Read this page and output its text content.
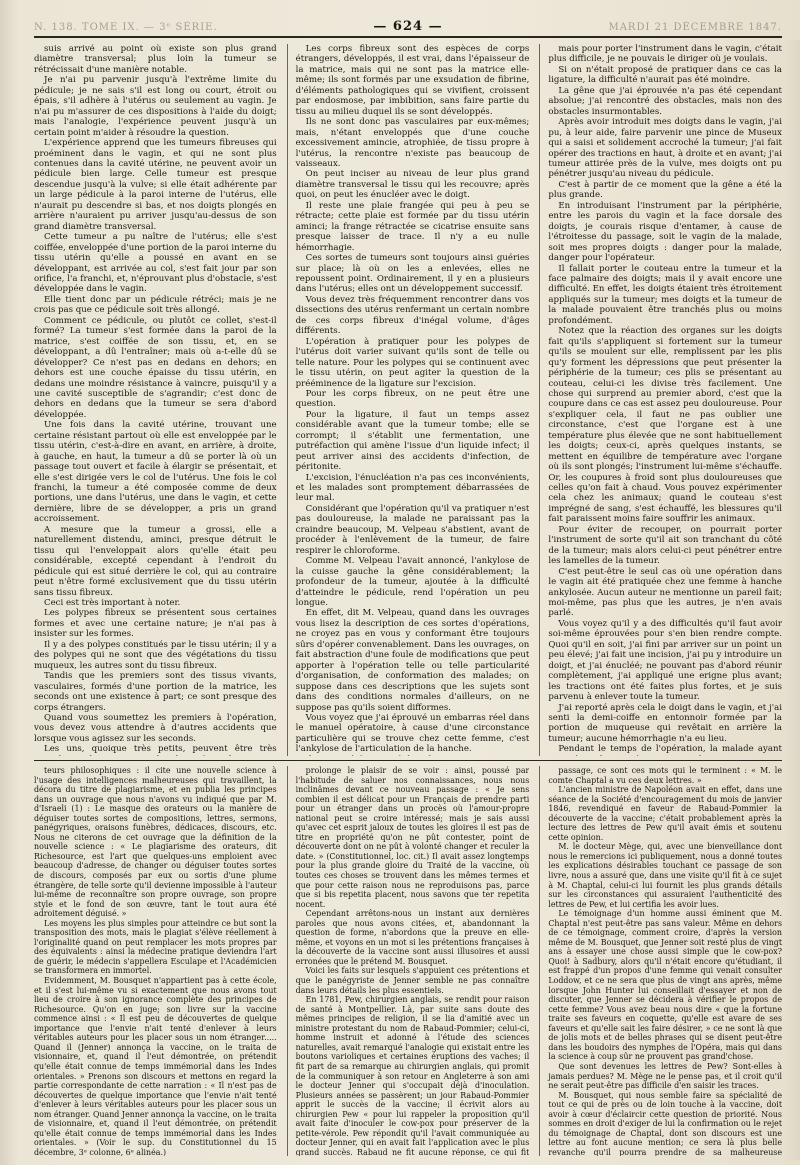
N. 138. TOME IX. — 3ᵉ SÉRIE.	— 624 —	MARDI 21 DÉCEMBRE 1847.

suis arrivé au point où existe son plus grand diamètre transversal; plus loin la tumeur se rétrécissait d'une manière notable.

Je n'ai pu parvenir jusqu'à l'extrême limite du pédicule; je ne sais s'il est long ou court, étroit ou épais, s'il adhère à l'utérus ou seulement au vagin. Je n'ai pu m'assurer de ces dispositions à l'aide du doigt; mais l'analogie, l'expérience peuvent jusqu'à un certain point m'aider à résoudre la question.

L'expérience apprend que les tumeurs fibreuses qui proéminent dans le vagin, et qui ne sont plus contenues dans la cavité utérine, ne peuvent avoir un pédicule bien large. Celle tumeur est presque descendue jusqu'à la vulve; si elle était adhérente par un large pédicule à la paroi interne de l'utérus, elle n'aurait pu descendre si bas, et nos doigts plongés en arrière n'auraient pu arriver jusqu'au-dessus de son grand diamètre transversal.

Cette tumeur a pu naître de l'utérus; elle s'est coiffée, enveloppée d'une portion de la paroi interne du tissu utérin qu'elle a poussé en avant en se développant, est arrivée au col, s'est fait jour par son orifice, l'a franchi, et, n'éprouvant plus d'obstacle, s'est développée dans le vagin.

Elle tient donc par un pédicule rétréci; mais je ne crois pas que ce pédicule soit très allongé.

Comment ce pédicule, ou plutôt ce collet, s'est-il formé? La tumeur s'est formée dans la paroi de la matrice, s'est coiffée de son tissu, et, en se développant, a dû l'entraîner; mais où a-t-elle dû se développer? Ce n'est pas en dedans en dehors; en dehors est une couche épaisse du tissu utérin, en dedans une moindre résistance à vaincre, puisqu'il y a une cavité susceptible de s'agrandir; c'est donc de dehors en dedans que la tumeur se sera d'abord développée.

Une fois dans la cavité utérine, trouvant une certaine résistant partout où elle est enveloppée par le tissu utérin, c'est-à-dire en avant, en arrière, à droite, à gauche, en haut, la tumeur a dû se porter là où un passage tout ouvert et facile à élargir se présentait, et elle s'est dirigée vers le col de l'utérus. Une fois le col franchi, la tumeur a été composée comme de deux portions, une dans l'utérus, une dans le vagin, et cette dernière, libre de se développer, a pris un grand accroissement.

A mesure que la tumeur a grossi, elle a naturellement distendu, aminci, presque détruit le tissu qui l'enveloppait alors qu'elle était peu considérable, excepté cependant à l'endroit du pédicule qui est situé derrière le col, qui au contraire peut n'être formé exclusivement que du tissu utérin sans tissu fibreux.

Ceci est très important à noter.

Les polypes fibreux se présentent sous certaines formes et avec une certaine nature; je n'ai pas à insister sur les formes.

Il y a des polypes constitués par le tissu utérin; il y a des polypes qui ne sont que des végétations du tissu muqueux, les autres sont du tissu fibreux.

Tandis que les premiers sont des tissus vivants, vasculaires, formés d'une portion de la matrice, les seconds ont une existence à part; ce sont presque des corps étrangers.

Quand vous soumettez les premiers à l'opération, vous devez vous attendre à d'autres accidents que lorsque vous agissez sur les seconds.

Les uns, quoique très petits, peuvent être très

Les corps fibreux sont des espèces de corps étrangers, développés, il est vrai, dans l'épaisseur de la matrice, mais qui ne sont pas la matrice elle-même; ils sont formés par une exsudation de fibrine, d'éléments pathologiques qui se vivifient, croissent par endosmose, par imbibition, sans faire partie du tissu au milieu duquel ils se sont développés.

Ils ne sont donc pas vasculaires par eux-mêmes; mais, n'étant enveloppés que d'une couche excessivement amincie, atrophiée, de tissu propre à l'utérus, la rencontre n'existe pas beaucoup de vaisseaux.

On peut inciser au niveau de leur plus grand diamètre transversal le tissu qui les recouvre; après quoi, on peut les énucléer avec le doigt.

Il reste une plaie frangée qui peu à peu se rétracte; cette plaie est formée par du tissu utérin aminci; la frange rétractée se cicatrise ensuite sans presque laisser de trace. Il n'y a eu nulle hémorrhagie.

Ces sortes de tumeurs sont toujours ainsi guéries sur place; là où on les a enlevées, elles ne repoussent point. Ordinairement, il y en a plusieurs dans l'utérus; elles ont un développement successif.

Vous devez très fréquemment rencontrer dans vos dissections des utérus renfermant un certain nombre de ces corps fibreux d'inégal volume, d'âges différents.

L'opération à pratiquer pour les polypes de l'utérus doit varier suivant qu'ils sont de telle ou telle nature. Pour les polypes qui se continuent avec le tissu utérin, on peut agiter la question de la prééminence de la ligature sur l'excision.

Pour les corps fibreux, on ne peut être une question.

Pour la ligature, il faut un temps assez considérable avant que la tumeur tombe; elle se corrompt; il s'établit une fermentation, une putréfaction qui amène l'issue d'un liquide infect; il peut arriver ainsi des accidents d'infection, de péritonite.

L'excision, l'énucléation n'a pas ces inconvénients, et les malades sont promptement débarrassées de leur mal.

Considérant que l'opération qu'il va pratiquer n'est pas douloureuse, la malade ne paraissant pas la craindre beaucoup, M. Velpeau s'abstient, avant de procéder à l'enlèvement de la tumeur, de faire respirer le chloroforme.

Comme M. Velpeau l'avait annoncé, l'ankylose de la cuisse gauche la gêne considérablement; la profondeur de la tumeur, ajoutée à la difficulté d'atteindre le pédicule, rend l'opération un peu longue.

En effet, dit M. Velpeau, quand dans les ouvrages vous lisez la description de ces sortes d'opérations, ne croyez pas en vous y conformant être toujours sûrs d'opérer convenablement. Dans les ouvrages, on fait abstraction d'une foule de modifications que peut apporter à l'opération telle ou telle particularité d'organisation, de conformation des malades; on suppose dans ces descriptions que les sujets sont dans des conditions normales d'ailleurs, on ne suppose pas qu'ils soient difformes.

Vous voyez que j'ai éprouvé un embarras réel dans le manuel opératoire, à cause d'une circonstance particulière qui se trouve chez cette femme, c'est l'ankylose de l'articulation de la hanche.

mais pour porter l'instrument dans le vagin, c'était plus difficile, je ne pouvais le diriger où je voulais.

Si on n'était proposé de pratiquer dans ce cas la ligature, la difficulté n'aurait pas été moindre.

La gêne que j'ai éprouvée n'a pas été cependant absolue; j'ai rencontré des obstacles, mais non des obstacles insurmontables.

Après avoir introduit mes doigts dans le vagin, j'ai pu, à leur aide, faire parvenir une pince de Museux qui a saisi et solidement accroché la tumeur; j'ai fait opérer des tractions en haut, à droite et en avant; j'ai tumeur attirée près de la vulve, mes doigts ont pu pénétrer jusqu'au niveau du pédicule.

C'est à partir de ce moment que la gêne a été la plus grande.

En introduisant l'instrument par la périphérie, entre les parois du vagin et la face dorsale des doigts, je courais risque d'entamer, à cause de l'étroitesse du passage, soit le vagin de la malade, soit mes propres doigts : danger pour la malade, danger pour l'opérateur.

Il fallait porter le couteau entre la tumeur et la face palmaire des doigts; mais il y avait encore une difficulté. En effet, les doigts étaient très étroitement appliqués sur la tumeur; mes doigts et la tumeur de la malade pouvaient être tranchés plus ou moins profondément.

Notez que la réaction des organes sur les doigts fait qu'ils s'appliquent si fortement sur la tumeur qu'ils se moulent sur elle, remplissent par les plis qu'y forment les dépressions que peut présenter la périphérie de la tumeur; ces plis se présentant au couteau, celui-ci les divise très facilement. Une chose qui surprend au premier abord, c'est que la coupure dans ce cas est assez peu douloureuse. Pour s'expliquer cela, il faut ne pas oublier une circonstance, c'est que l'organe est à une température plus élevée que ne sont habituellement les doigts; ceux-ci, après quelques instants, se mettent en équilibre de température avec l'organe où ils sont plongés; l'instrument lui-même s'échauffe. Or, les coupures à froid sont plus douloureuses que celles qu'on fait à chaud. Vous pouvez expérimenter cela chez les animaux; quand le couteau s'est imprégné de sang, s'est échauffé, les blessures qu'il fait paraissent moins faire souffrir les animaux.

Pour éviter de recouper, on pourrait porter l'instrument de sorte qu'il ait son tranchant du côté de la tumeur; mais alors celui-ci peut pénétrer entre les lamelles de la tumeur.

C'est peut-être le seul cas où une opération dans le vagin ait été pratiquée chez une femme à hanche ankylosée. Aucun auteur ne mentionne un pareil fait; moi-même, pas plus que les autres, je n'en avais parlé.

Vous voyez qu'il y a des difficultés qu'il faut avoir soi-même éprouvées pour s'en bien rendre compte. Quoi qu'il en soit, j'ai fini par arriver sur un point un peu élevé; j'ai fait une incision, j'ai pu y introduire un doigt, et j'ai énucléé; ne pouvant pas d'abord réunir complètement, j'ai appliqué une erigne plus avant; les tractions ont été faites plus fortes, et je suis parvenu à enlever toute la tumeur.

J'ai reporté après cela le doigt dans le vagin, et j'ai senti la demi-coiffe en entonnoir formée par la portion de muqueuse qui revêtait en arrière la tumeur; aucune hémorrhagie n'a eu lieu.

Pendant le temps de l'opération, la malade ayant

teurs philosophiques : il cite une nouvelle science à l'usage des intelligences malheureuses qui travaillent, la décora du titre de plagiarisme, et en publia les principes dans un ouvrage que nous n'avons vu indiqué que par M. d'Israeli (1) : Le masque des orateurs ou la manière de déguiser toutes sortes de compositions, lettres, sermons, panégyriques, oraisons funèbres, dédicaces, discours, etc. Nous ne citerons de cet ouvrage que la définition de la nouvelle science : « Le plagiarisme des orateurs, dit Richesource, est l'art que quelques-uns emploient avec beaucoup d'adresse, de changer ou déguiser toutes sortes de discours, composés par eux ou sortis d'une plume étrangère, de telle sorte qu'il devienne impossible à l'auteur lui-même de reconnaître son propre ouvrage, son propre style et le fond de son œuvre, tant le tout aura été adroitement déguisé. »

Les moyens les plus simples pour atteindre ce but sont la transposition des mots, mais le plagiat s'élève réellement à l'originalité quand on peut remplacer les mots propres par des équivalents : ainsi la médecine pratique deviendra l'art de guérir, le médecin s'appellera Esculape et l'Académicien se transformera en immortel.

Evidemment, M. Bousquet n'appartient pas à cette école, et il s'est lui-même vu si exactement que nous avons tout lieu de croire à son ignorance complète des principes de Richesource. Qu'on en juge; son livre sur la vaccine commence ainsi : « Il est peu de découvertes de quelque importance que l'envie n'ait tenté d'enlever à leurs véritables auteurs pour les placer sous un nom étranger..... Quand il (Jenner) annonça la vaccine, on le traita de visionnaire, et, quand il l'eut démontrée, on prétendit qu'elle était connue de temps immémorial dans les Indes orientales. » Prenons son discours et mettons en regard la partie correspondante de cette narration : « Il n'est pas de découvertes de quelque importance que l'envie n'ait tenté d'enlever à leurs véritables auteurs pour les placer sous un nom étranger. Quand Jenner annonça la vaccine, on le traita de visionnaire, et, quand il l'eut démontrée, on prétendit qu'elle était connue de temps immémorial dans les Indes orientales. » (Voir le sup. du Constitutionnel du 15 décembre, 3ᵉ colonne, 6ᵉ alinéa.)

prolonge le plaisir de se voir : ainsi, poussé par l'habitude de saluer nos connaissances, nous nous inclinâmes devant ce nouveau passage : « Je sens combien il est délicat pour un Français de prendre parti pour un étranger dans un procès où l'amour-propre national peut se croire intéressé; mais je sais aussi qu'avec cet esprit jaloux de toutes les gloires il est pas de titre en propriété qu'on ne pût contester, point de découverte dont on ne pût à volonté changer et reculer la date. » (Constitutionnel, loc. cit.) Il avait assez longtemps pour la plus grande gloire du Traité de la vaccine, où toutes ces choses se trouvent dans les mêmes termes et que pour cette raison nous ne reproduisons pas, parce que si bis repetita placent, nous savons que ter repetita nocent.

Cependant arrêtons-nous un instant aux dernières paroles que nous avons citées, et, abandonnant la question de forme, n'abordons que la preuve en elle-même, et voyons en un mot si les prétentions françaises à la découverte de la vaccine sont aussi illusoires et aussi erronées que le prétend M. Bousquet.

Voici les faits sur lesquels s'appuient ces prétentions et que le panégyriste de Jenner semble ne pas connaître dans leurs détails les plus essentiels.

En 1781, Pew, chirurgien anglais, se rendit pour raison de santé à Montpellier. Là, par suite sans doute des mêmes principes de religion, il se lia d'amitié avec un ministre protestant du nom de Rabaud-Pommier; celui-ci, homme instruit et adonné à l'étude des sciences naturelles, avait remarqué l'analogie qui existait entre les boutons varioliques et certaines éruptions des vaches; il fit part de sa remarque au chirurgien anglais, qui promit de la communiquer à son retour en Angleterre à son ami le docteur Jenner qui s'occupait déjà d'inoculation. Plusieurs années se passèrent; un jour Rabaud-Pommier apprit le succès de la vaccine; il écrivit alors au chirurgien Pew « pour lui rappeler la proposition qu'il avait faite d'inoculer le cow-pox pour préserver de la petite-vérole. Pew répondit qu'il l'avait communiquée au docteur Jenner, qui en avait fait l'application avec le plus grand succès. Rabaud ne fit aucune réponse, ce qui fit

passage, ce sont ces mots qui le terminent : « M. le comte Chaptal a vu ces deux lettres. »

L'ancien ministre de Napoléon avait en effet, dans une séance de la Société d'encouragement du mois de janvier 1846, revendiqué en faveur de Rabaud-Pommier la découverte de la vaccine; c'était probablement après la lecture des lettres de Pew qu'il avait émis et soutenu cette opinion.

M. le docteur Mège, qui, avec une bienveillance dont nous le remercions ici publiquement, nous a donné toutes les explications désirables touchant ce passage de son livre, nous a assuré que, dans une visite qu'il fit à ce sujet à M. Chaptal, celui-ci lui fournit les plus grands détails sur les circonstances qui assuraient l'authenticité des lettres de Pew, et lui certifia les avoir lues.

Le témoignage d'un homme aussi éminent que M. Chaptal n'est peut-être pas sans valeur. Même en dehors de ce témoignage, comment croire, d'après la version même de M. Bousquet, que Jenner soit resté plus de vingt ans à essayer une chose aussi simple que le cow-pox? Quoi! à Sadbury, alors qu'il n'était encore qu'étudiant, il est frappé d'un propos d'une femme qui venait consulter Loddow, et ce ne sera que plus de vingt ans après, même lorsque John Hunter lui conseillait d'essayer et non de discuter, que Jenner se décidera à vérifier le propos de cette femme? Vous avez beau nous dire « que la fortune traite ses faveurs en coquette, qu'elle est avare de ses faveurs et qu'elle sait les faire désirer, » ce ne sont là que de jolis mots et de belles phrases qui se disent peut-être dans les boudoirs des nymphes de l'Opéra, mais qui dans la science à coup sûr ne prouvent pas grand'chose.

Que sont devenues les lettres de Pew? Sont-elles à jamais perdues? M. Mège ne le pense pas, et il croit qu'il ne serait peut-être pas difficile d'en saisir les traces.

M. Bousquet, qui nous semble faire sa spécialité de tout ce qui de près ou de loin touche à la vaccine, doit avoir à cœur d'éclaircir cette question de priorité. Nous sommes en droit d'exiger de lui la confirmation ou le rejet du témoignage de Chaptal, dont son discours est une lettre au font aucune mention; ce sera là plus belle revanche qu'il pourra prendre de sa malheureuse
